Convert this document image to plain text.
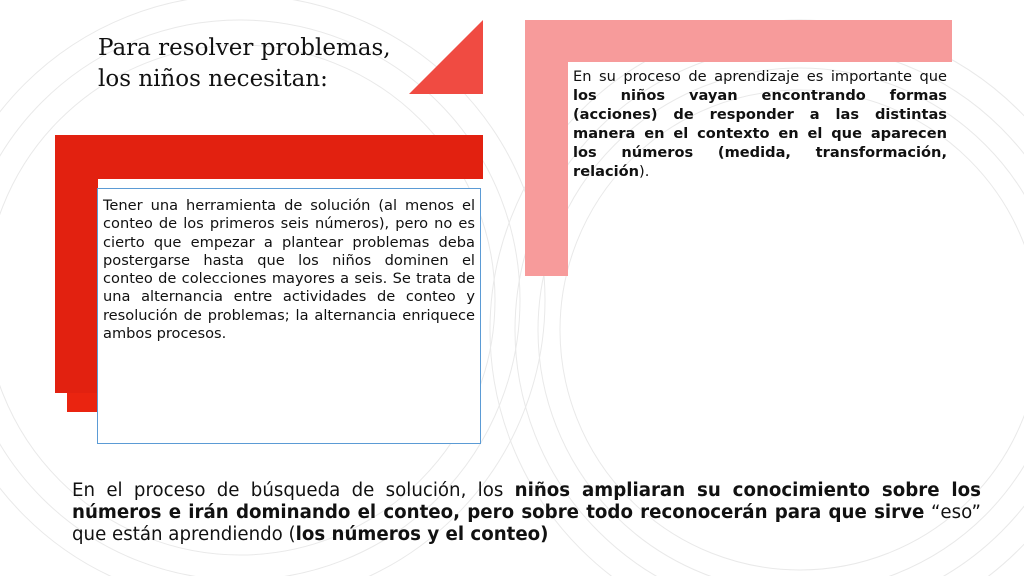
Para resolver problemas, los niños necesitan:

Tener una herramienta de solución (al menos el conteo de los primeros seis números), pero no es cierto que empezar a plantear problemas deba postergarse hasta que los niños dominen el conteo de colecciones mayores a seis. Se trata de una alternancia entre actividades de conteo y resolución de problemas; la alternancia enriquece ambos procesos.

En su proceso de aprendizaje es importante que los niños vayan encontrando formas (acciones) de responder a las distintas manera en el contexto en el que aparecen los números (medida, transformación, relación).

En el proceso de búsqueda de solución, los niños ampliaran su conocimiento sobre los números e irán dominando el conteo, pero sobre todo reconocerán para que sirve “eso” que están aprendiendo (los números y el conteo)
